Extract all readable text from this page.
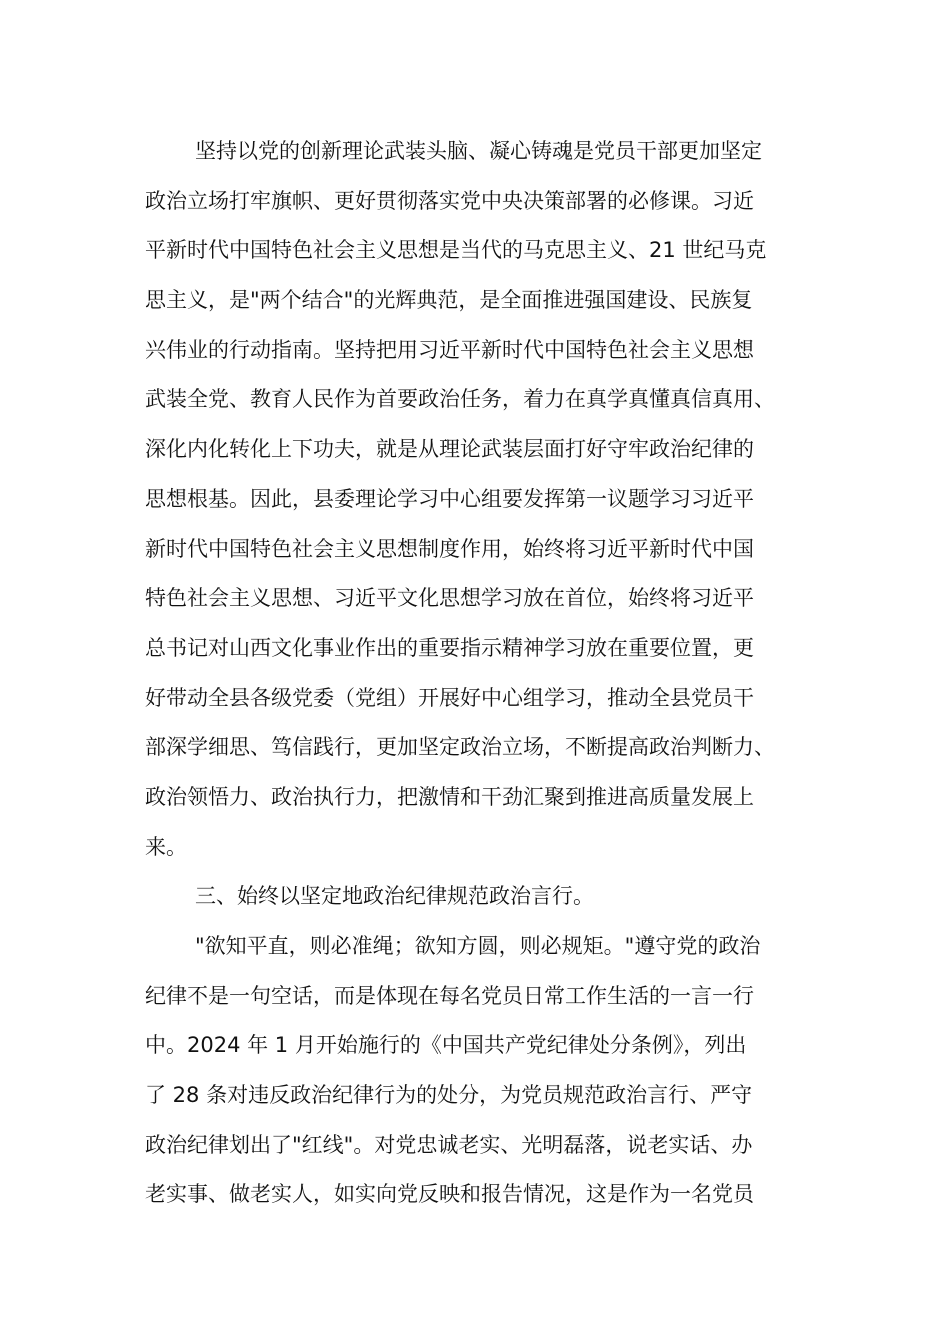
坚持以党的创新理论武装头脑、凝心铸魂是党员干部更加坚定
政治立场打牢旗帜、更好贯彻落实党中央决策部署的必修课。习近
平新时代中国特色社会主义思想是当代的马克思主义、21 世纪马克
思主义，是"两个结合"的光辉典范，是全面推进强国建设、民族复
兴伟业的行动指南。坚持把用习近平新时代中国特色社会主义思想
武装全党、教育人民作为首要政治任务，着力在真学真懂真信真用、
深化内化转化上下功夫，就是从理论武装层面打好守牢政治纪律的
思想根基。因此，县委理论学习中心组要发挥第一议题学习习近平
新时代中国特色社会主义思想制度作用，始终将习近平新时代中国
特色社会主义思想、习近平文化思想学习放在首位，始终将习近平
总书记对山西文化事业作出的重要指示精神学习放在重要位置，更
好带动全县各级党委（党组）开展好中心组学习，推动全县党员干
部深学细思、笃信践行，更加坚定政治立场，不断提高政治判断力、
政治领悟力、政治执行力，把激情和干劲汇聚到推进高质量发展上
来。
三、始终以坚定地政治纪律规范政治言行。
"欲知平直，则必准绳；欲知方圆，则必规矩。"遵守党的政治
纪律不是一句空话，而是体现在每名党员日常工作生活的一言一行
中。2024 年 1 月开始施行的《中国共产党纪律处分条例》，列出
了 28 条对违反政治纪律行为的处分，为党员规范政治言行、严守
政治纪律划出了"红线"。对党忠诚老实、光明磊落，说老实话、办
老实事、做老实人，如实向党反映和报告情况，这是作为一名党员
